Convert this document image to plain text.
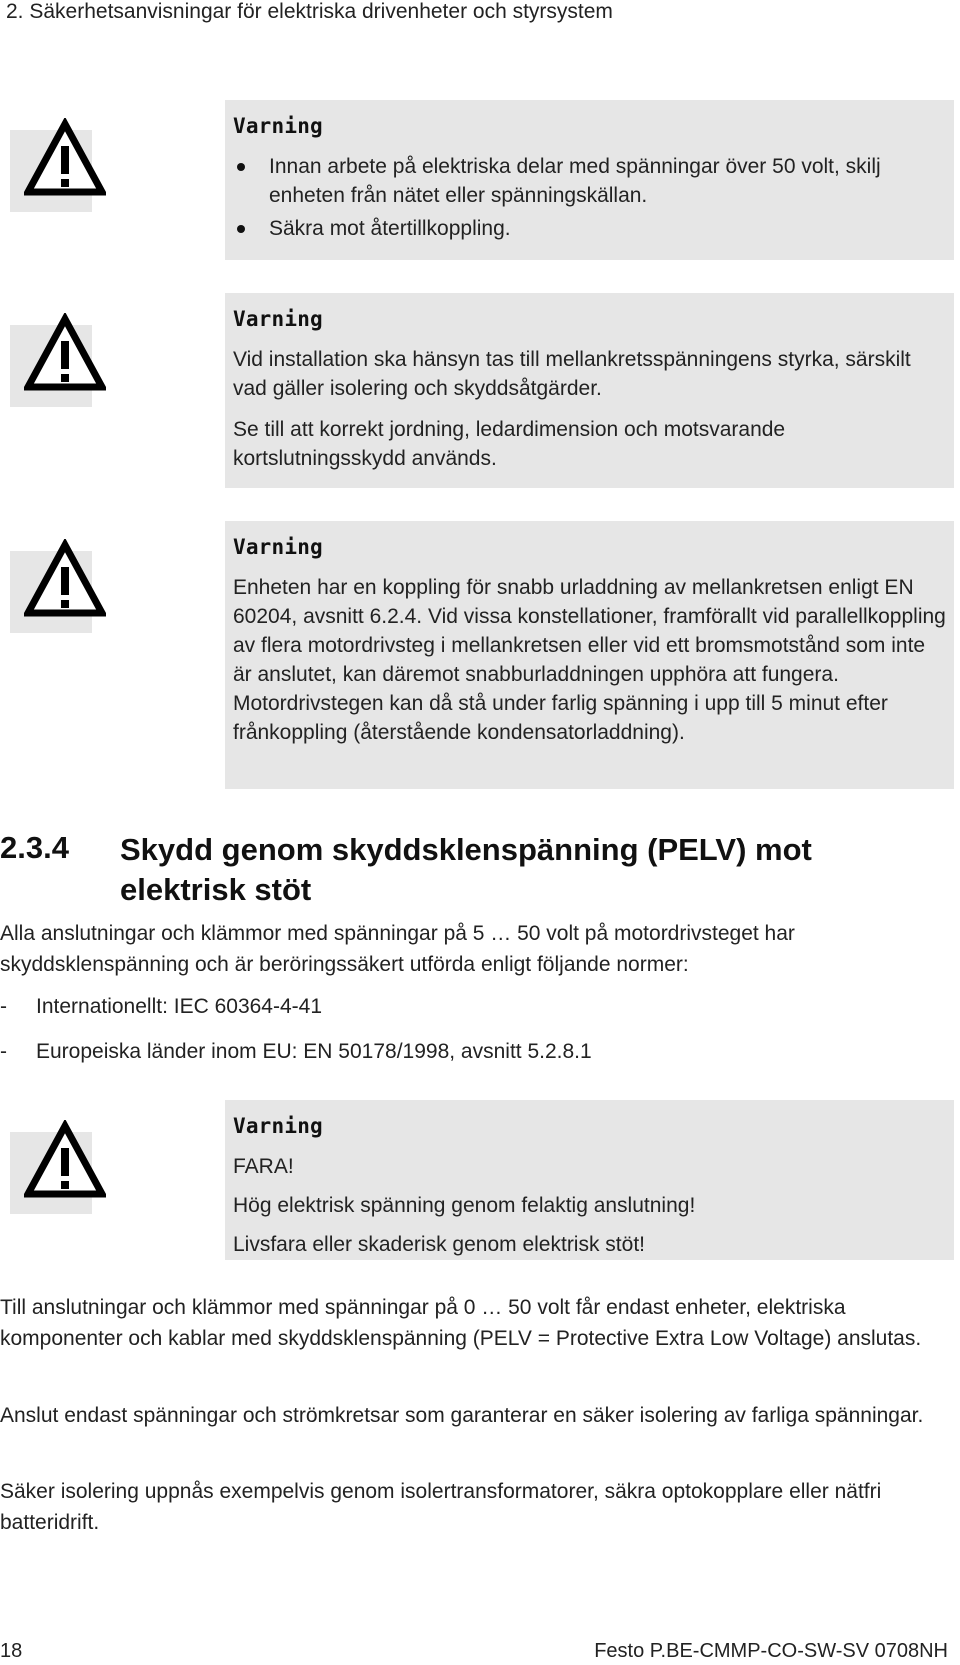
2. Säkerhetsanvisningar för elektriska drivenheter och styrsystem
Varning
Innan arbete på elektriska delar med spänningar över 50 volt, skilj enheten från nätet eller spänningskällan.
Säkra mot återtillkoppling.
Varning

Vid installation ska hänsyn tas till mellankretsspänningens styrka, särskilt vad gäller isolering och skyddsåtgärder.

Se till att korrekt jordning, ledardimension och motsvarande kortslutningsskydd används.

Varning

Enheten har en koppling för snabb urladdning av mellankretsen enligt EN 60204, avsnitt 6.2.4. Vid vissa konstellationer, framförallt vid parallellkoppling av flera motordrivsteg i mellankretsen eller vid ett bromsmotstånd som inte är anslutet, kan däremot snabburladdningen upphöra att fungera. Motordrivstegen kan då stå under farlig spänning i upp till 5 minut efter frånkoppling (återstående kondensatorladdning).

2.3.4 Skydd genom skyddsklenspänning (PELV) mot elektrisk stöt
Alla anslutningar och klämmor med spänningar på 5 … 50 volt på motordrivsteget har skyddsklenspänning och är beröringssäkert utförda enligt följande normer:
- Internationellt: IEC 60364-4-41
- Europeiska länder inom EU: EN 50178/1998, avsnitt 5.2.8.1
Varning

FARA!

Hög elektrisk spänning genom felaktig anslutning!

Livsfara eller skaderisk genom elektrisk stöt!

Till anslutningar och klämmor med spänningar på 0 … 50 volt får endast enheter, elektriska komponenter och kablar med skyddsklenspänning (PELV = Protective Extra Low Voltage) anslutas.
Anslut endast spänningar och strömkretsar som garanterar en säker isolering av farliga spänningar.
Säker isolering uppnås exempelvis genom isolertransformatorer, säkra optokopplare eller nätfri batteridrift.
18	Festo P.BE-CMMP-CO-SW-SV 0708NH
